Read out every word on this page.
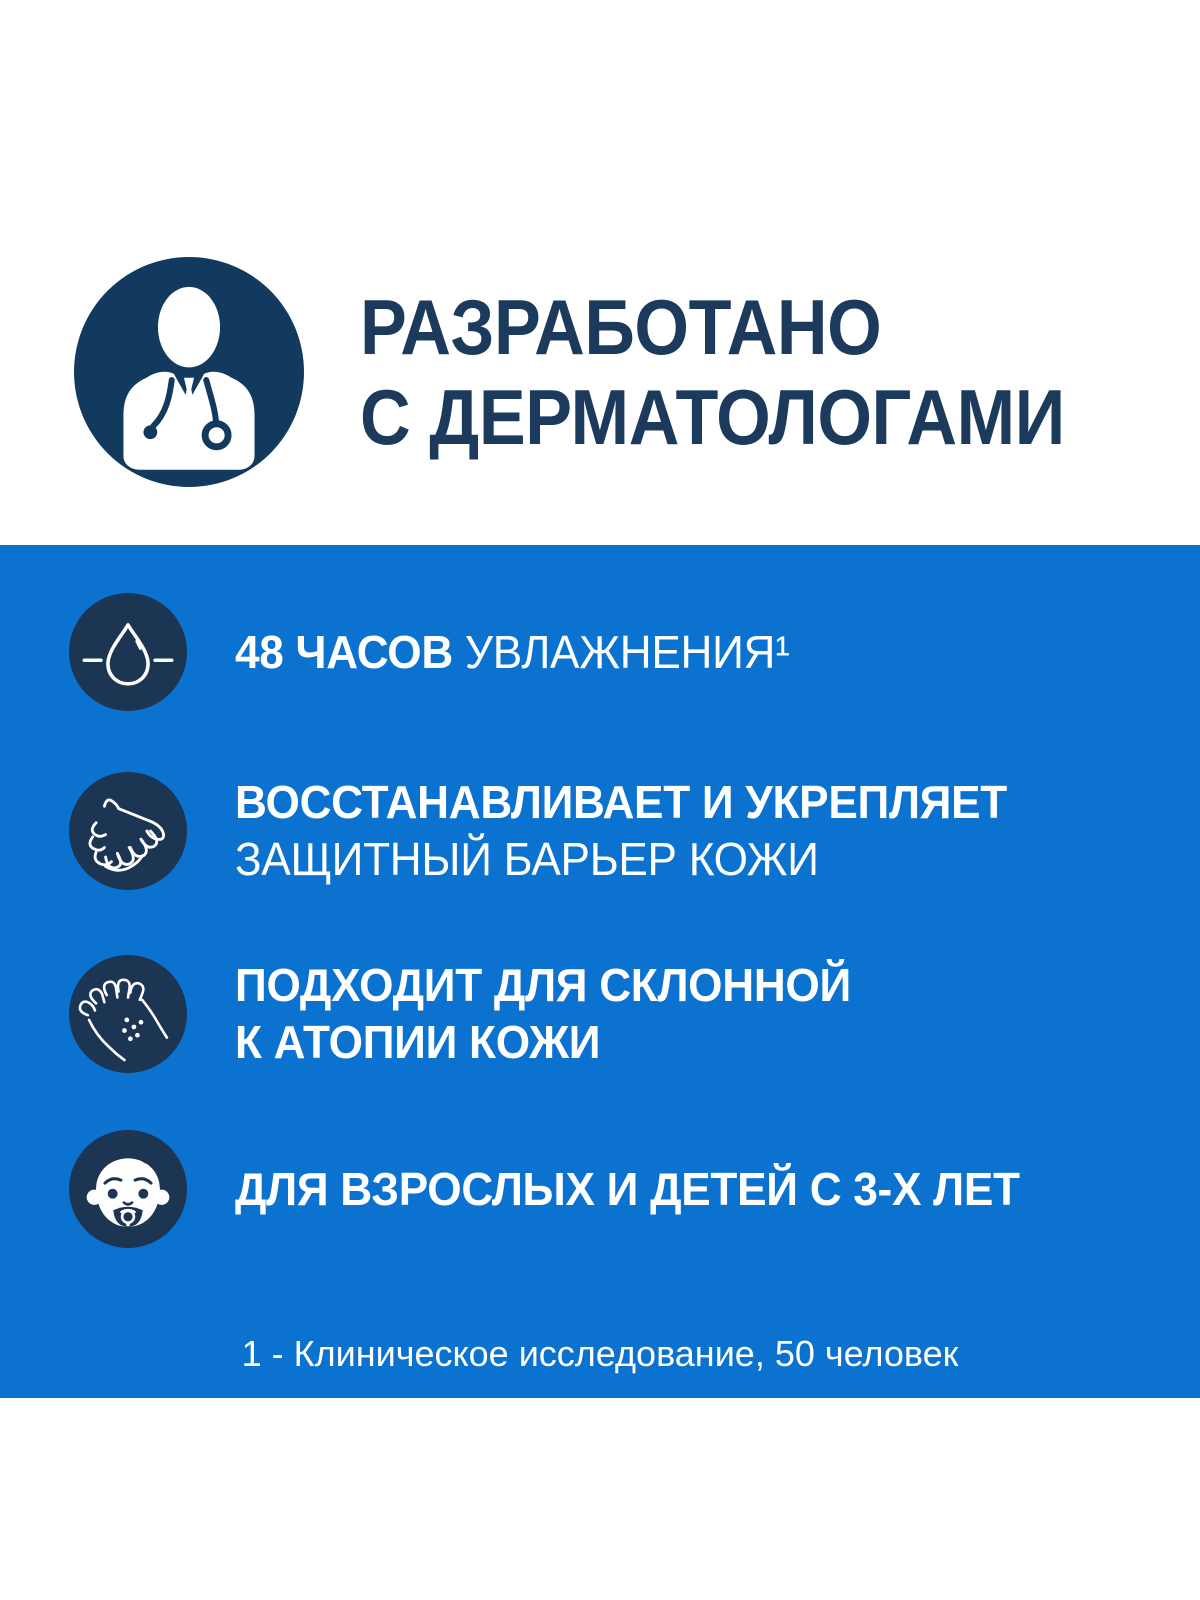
РАЗРАБОТАНО
С ДЕРМАТОЛОГАМИ

48 ЧАСОВ УВЛАЖНЕНИЯ¹

ВОССТАНАВЛИВАЕТ И УКРЕПЛЯЕТ
ЗАЩИТНЫЙ БАРЬЕР КОЖИ

ПОДХОДИТ ДЛЯ СКЛОННОЙ
К АТОПИИ КОЖИ

ДЛЯ ВЗРОСЛЫХ И ДЕТЕЙ С 3-Х ЛЕТ

1 - Клиническое исследование, 50 человек
